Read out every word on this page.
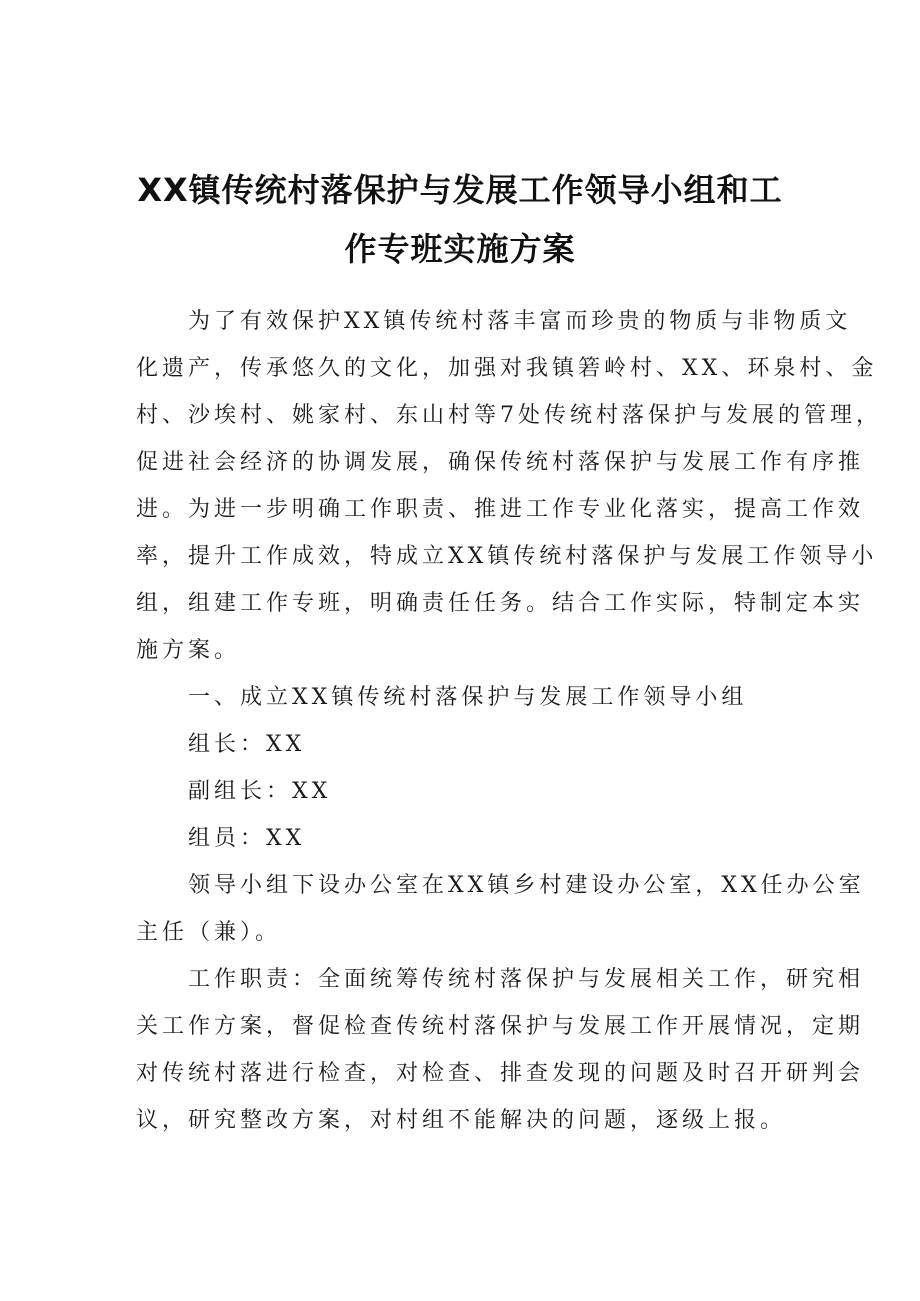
XX镇传统村落保护与发展工作领导小组和工
作专班实施方案

为了有效保护XX镇传统村落丰富而珍贵的物质与非物质文

化遗产，传承悠久的文化，加强对我镇箬岭村、XX、环泉村、金

村、沙埃村、姚家村、东山村等7处传统村落保护与发展的管理，

促进社会经济的协调发展，确保传统村落保护与发展工作有序推

进。为进一步明确工作职责、推进工作专业化落实，提高工作效

率，提升工作成效，特成立XX镇传统村落保护与发展工作领导小

组，组建工作专班，明确责任任务。结合工作实际，特制定本实

施方案。

一、成立XX镇传统村落保护与发展工作领导小组

组长：XX

副组长：XX

组员：XX

领导小组下设办公室在XX镇乡村建设办公室，XX任办公室

主任（兼）。

工作职责：全面统筹传统村落保护与发展相关工作，研究相

关工作方案，督促检查传统村落保护与发展工作开展情况，定期

对传统村落进行检查，对检查、排查发现的问题及时召开研判会

议，研究整改方案，对村组不能解决的问题，逐级上报。
